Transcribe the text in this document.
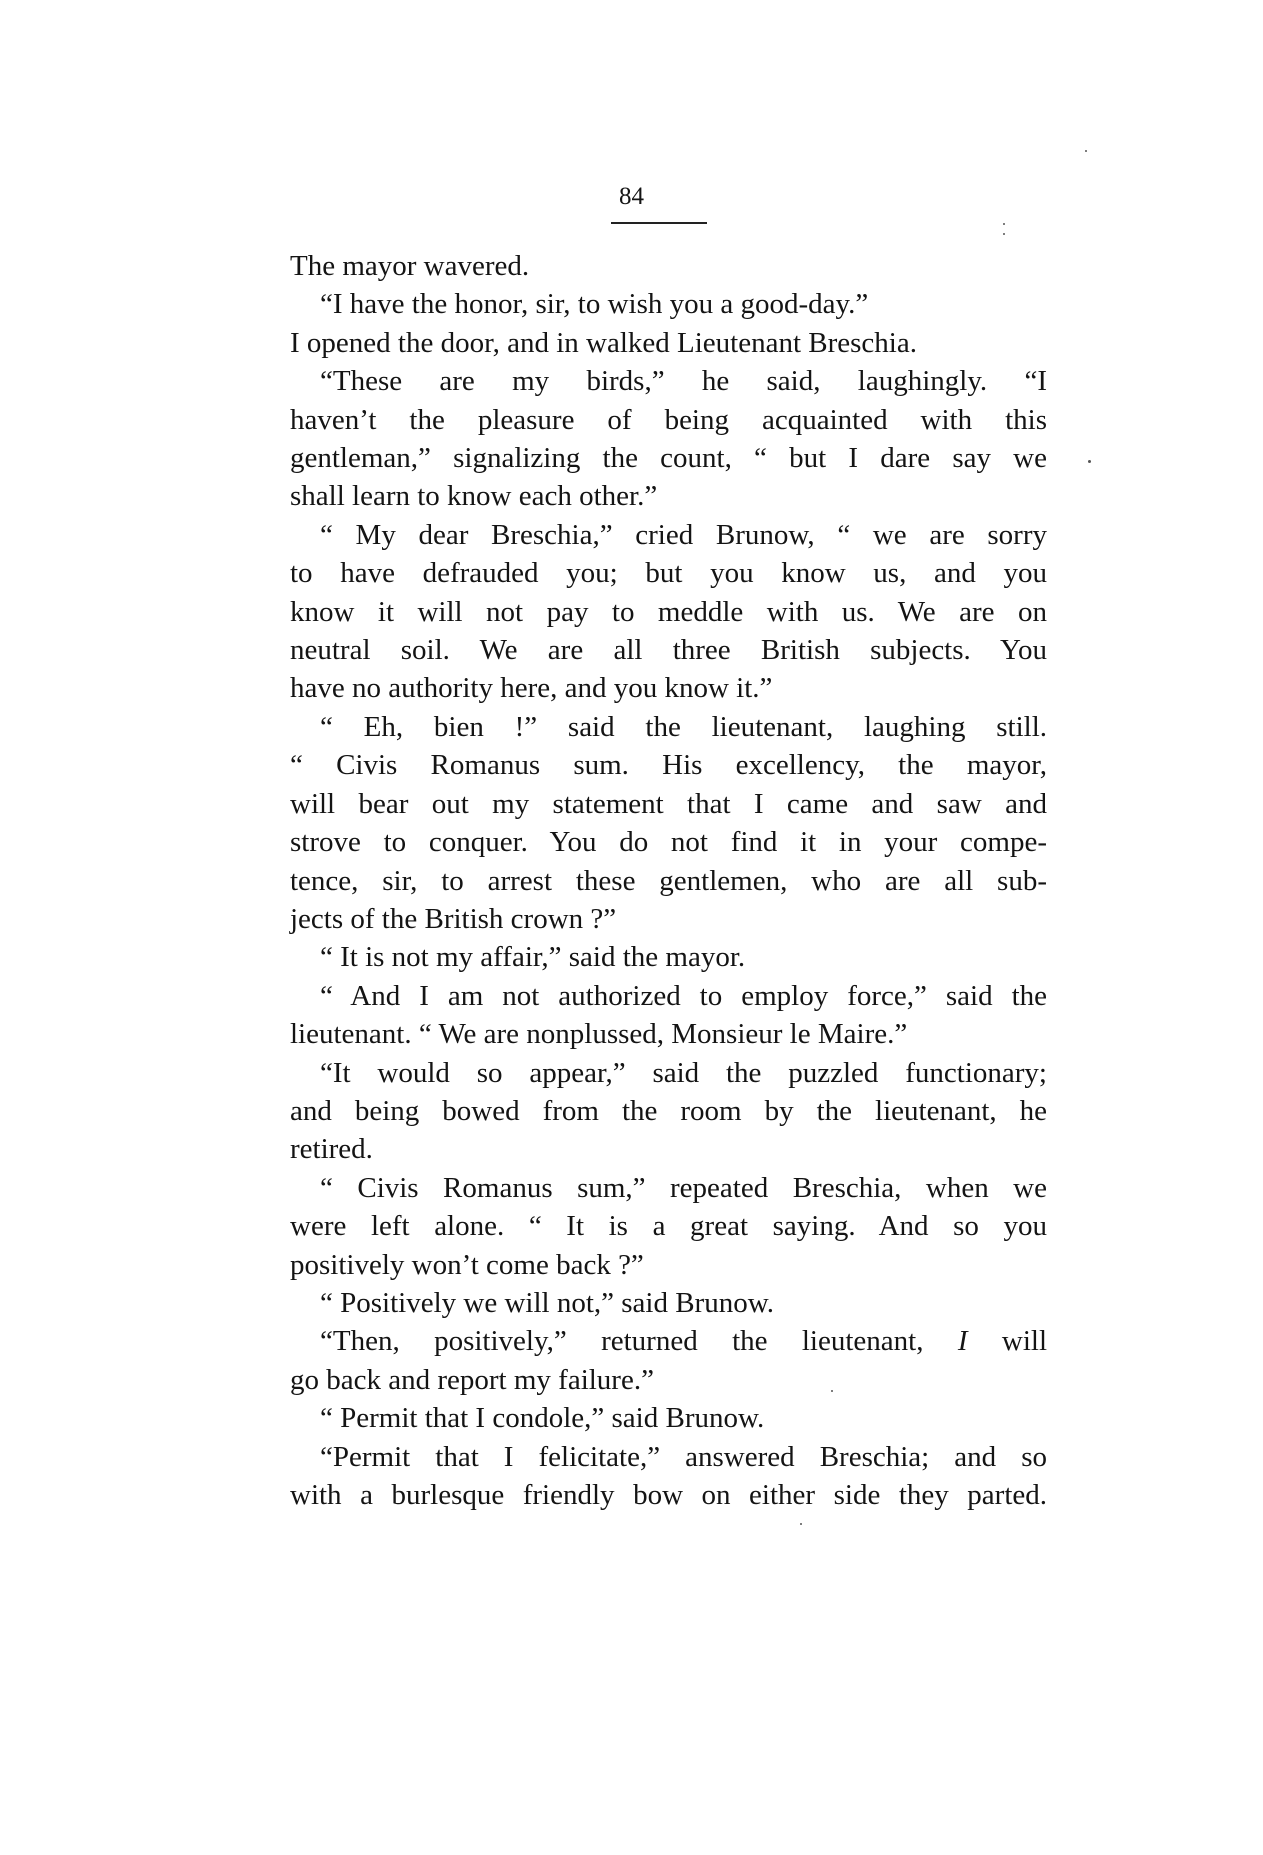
84
The mayor wavered.
“I have the honor, sir, to wish you a good-day.”
I opened the door, and in walked Lieutenant Breschia.
“These are my birds,” he said, laughingly. “I
haven’t the pleasure of being acquainted with this
gentleman,” signalizing the count, “ but I dare say we
shall learn to know each other.”
“ My dear Breschia,” cried Brunow, “ we are sorry
to have defrauded you; but you know us, and you
know it will not pay to meddle with us. We are on
neutral soil. We are all three British subjects. You
have no authority here, and you know it.”
“ Eh, bien !” said the lieutenant, laughing still.
“ Civis Romanus sum. His excellency, the mayor,
will bear out my statement that I came and saw and
strove to conquer. You do not find it in your compe-
tence, sir, to arrest these gentlemen, who are all sub-
jects of the British crown ?”
“ It is not my affair,” said the mayor.
“ And I am not authorized to employ force,” said the
lieutenant. “ We are nonplussed, Monsieur le Maire.”
“It would so appear,” said the puzzled functionary;
and being bowed from the room by the lieutenant, he
retired.
“ Civis Romanus sum,” repeated Breschia, when we
were left alone. “ It is a great saying. And so you
positively won’t come back ?”
“ Positively we will not,” said Brunow.
“Then, positively,” returned the lieutenant, I will
go back and report my failure.”
“ Permit that I condole,” said Brunow.
“Permit that I felicitate,” answered Breschia; and so
with a burlesque friendly bow on either side they parted.
